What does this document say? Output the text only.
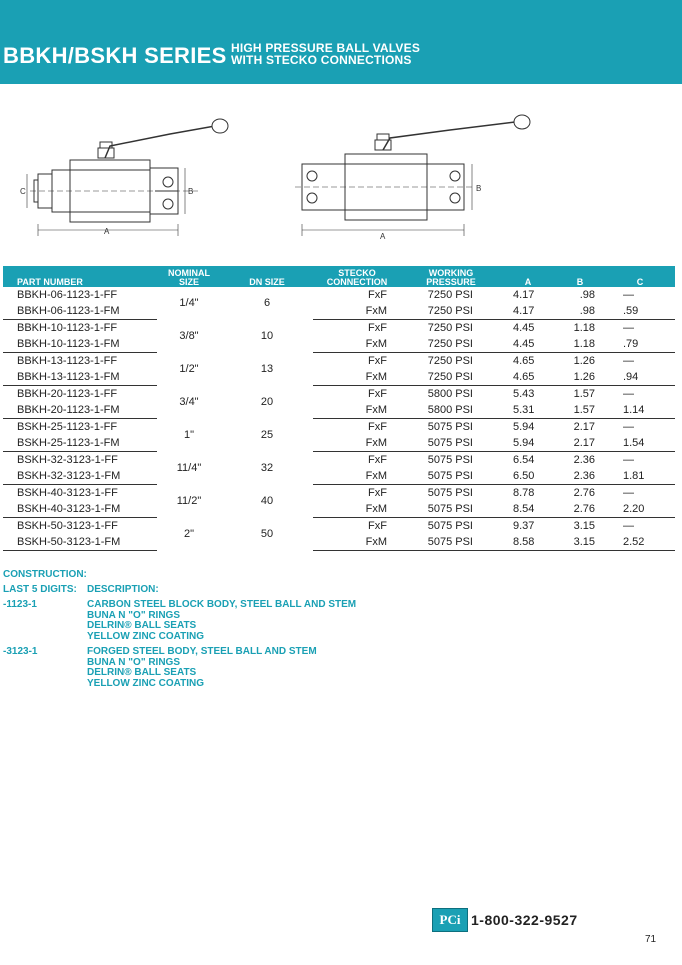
BBKH/BSKH SERIES HIGH PRESSURE BALL VALVES
WITH STECKO CONNECTIONS
A
B
C
A
B
PART NUMBER	NOMINAL
SIZE	DN SIZE	STECKO
CONNECTION	WORKING
PRESSURE	A	B	C
BBKH-06-1123-1-FF	1/4"	6	FxF	7250 PSI	4.17	.98	—
BBKH-06-1123-1-FM			FxM	7250 PSI	4.17	.98	.59
BBKH-10-1123-1-FF	3/8"	10	FxF	7250 PSI	4.45	1.18	—
BBKH-10-1123-1-FM			FxM	7250 PSI	4.45	1.18	.79
BBKH-13-1123-1-FF	1/2"	13	FxF	7250 PSI	4.65	1.26	—
BBKH-13-1123-1-FM			FxM	7250 PSI	4.65	1.26	.94
BBKH-20-1123-1-FF	3/4"	20	FxF	5800 PSI	5.43	1.57	—
BBKH-20-1123-1-FM			FxM	5800 PSI	5.31	1.57	1.14
BSKH-25-1123-1-FF	1"	25	FxF	5075 PSI	5.94	2.17	—
BSKH-25-1123-1-FM			FxM	5075 PSI	5.94	2.17	1.54
BSKH-32-3123-1-FF	11/4"	32	FxF	5075 PSI	6.54	2.36	—
BSKH-32-3123-1-FM			FxM	5075 PSI	6.50	2.36	1.81
BSKH-40-3123-1-FF	11/2"	40	FxF	5075 PSI	8.78	2.76	—
BSKH-40-3123-1-FM			FxM	5075 PSI	8.54	2.76	2.20
BSKH-50-3123-1-FF	2"	50	FxF	5075 PSI	9.37	3.15	—
BSKH-50-3123-1-FM			FxM	5075 PSI	8.58	3.15	2.52
CONSTRUCTION:
LAST 5 DIGITS: DESCRIPTION:
-1123-1	CARBON STEEL BLOCK BODY, STEEL BALL AND STEM
BUNA N "O" RINGS
DELRIN® BALL SEATS
YELLOW ZINC COATING
-3123-1	FORGED STEEL BODY, STEEL BALL AND STEM
BUNA N "O" RINGS
DELRIN® BALL SEATS
YELLOW ZINC COATING
PCi 1-800-322-9527
71
